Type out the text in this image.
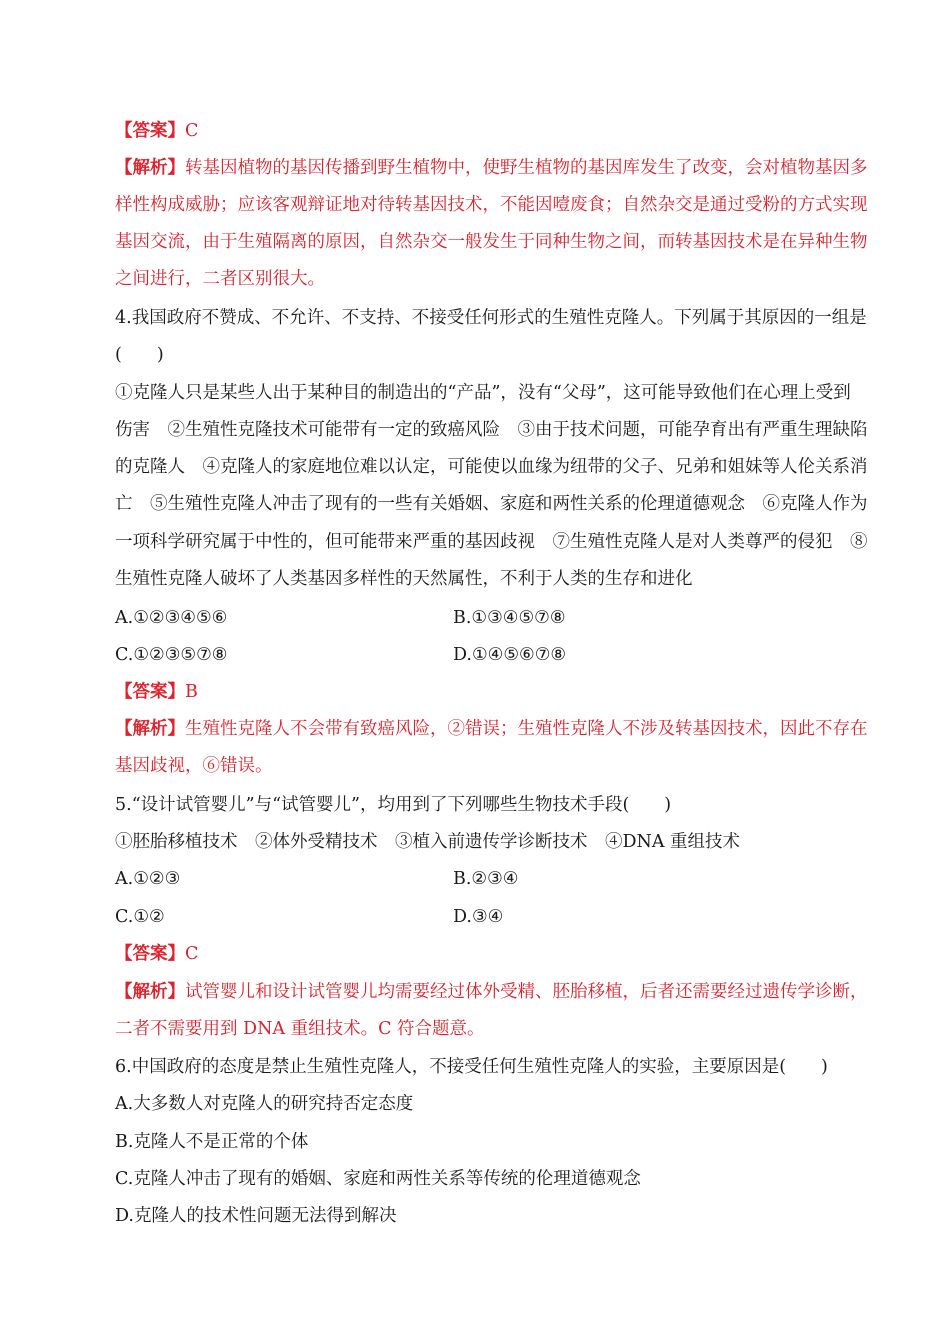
【答案】C
【解析】转基因植物的基因传播到野生植物中，使野生植物的基因库发生了改变，会对植物基因多
样性构成威胁；应该客观辩证地对待转基因技术，不能因噎废食；自然杂交是通过受粉的方式实现
基因交流，由于生殖隔离的原因，自然杂交一般发生于同种生物之间，而转基因技术是在异种生物
之间进行，二者区别很大。
4.我国政府不赞成、不允许、不支持、不接受任何形式的生殖性克隆人。下列属于其原因的一组是
(　　)
①克隆人只是某些人出于某种目的制造出的“产品”，没有“父母”，这可能导致他们在心理上受到
伤害　②生殖性克隆技术可能带有一定的致癌风险　③由于技术问题，可能孕育出有严重生理缺陷
的克隆人　④克隆人的家庭地位难以认定，可能使以血缘为纽带的父子、兄弟和姐妹等人伦关系消
亡　⑤生殖性克隆人冲击了现有的一些有关婚姻、家庭和两性关系的伦理道德观念　⑥克隆人作为
一项科学研究属于中性的，但可能带来严重的基因歧视　⑦生殖性克隆人是对人类尊严的侵犯　⑧
生殖性克隆人破坏了人类基因多样性的天然属性，不利于人类的生存和进化
A.①②③④⑤⑥	B.①③④⑤⑦⑧
C.①②③⑤⑦⑧	D.①④⑤⑥⑦⑧
【答案】B
【解析】生殖性克隆人不会带有致癌风险，②错误；生殖性克隆人不涉及转基因技术，因此不存在
基因歧视，⑥错误。
5.“设计试管婴儿”与“试管婴儿”，均用到了下列哪些生物技术手段(　　)
①胚胎移植技术　②体外受精技术　③植入前遗传学诊断技术　④DNA 重组技术
A.①②③	B.②③④
C.①②	D.③④
【答案】C
【解析】试管婴儿和设计试管婴儿均需要经过体外受精、胚胎移植，后者还需要经过遗传学诊断，
二者不需要用到 DNA 重组技术。C 符合题意。
6.中国政府的态度是禁止生殖性克隆人，不接受任何生殖性克隆人的实验，主要原因是(　　)
A.大多数人对克隆人的研究持否定态度
B.克隆人不是正常的个体
C.克隆人冲击了现有的婚姻、家庭和两性关系等传统的伦理道德观念
D.克隆人的技术性问题无法得到解决
